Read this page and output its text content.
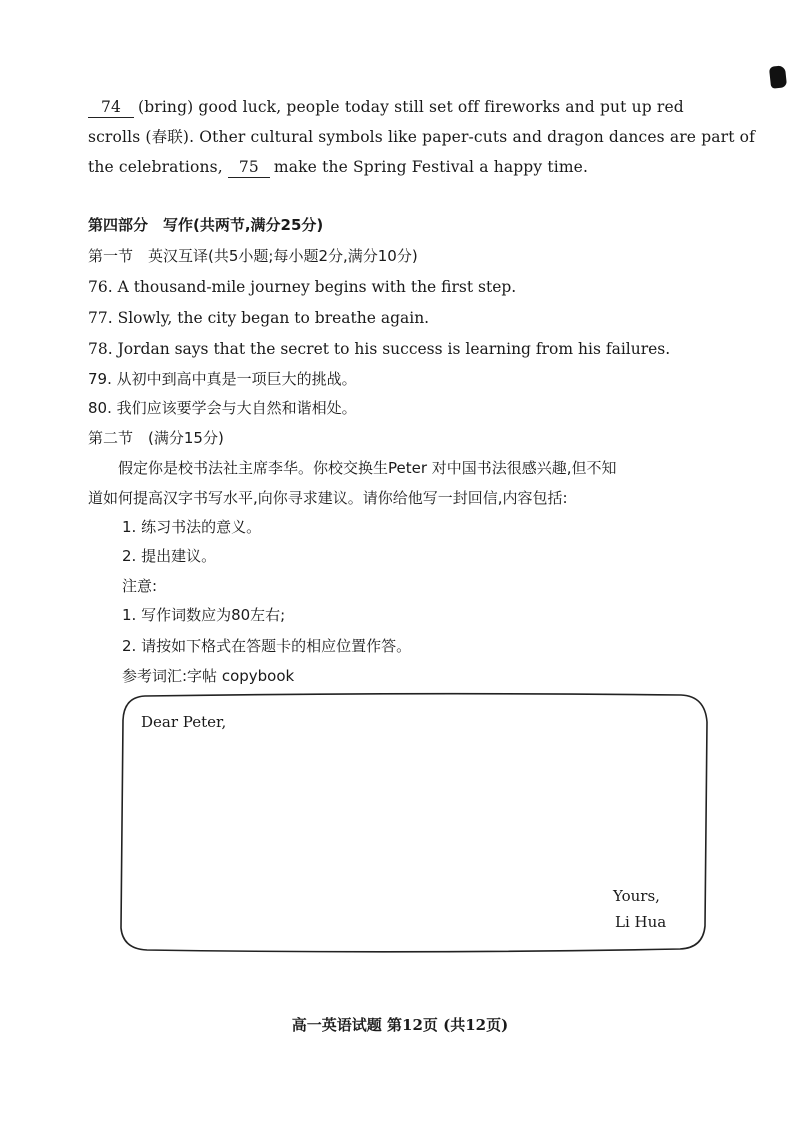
74 (bring) good luck, people today still set off fireworks and put up red
scrolls (春联). Other cultural symbols like paper-cuts and dragon dances are part of
the celebrations, 75 make the Spring Festival a happy time.
第四部分　写作(共两节,满分25分)
第一节　英汉互译(共5小题;每小题2分,满分10分)
76. A thousand-mile journey begins with the first step.
77. Slowly, the city began to breathe again.
78. Jordan says that the secret to his success is learning from his failures.
79. 从初中到高中真是一项巨大的挑战。
80. 我们应该要学会与大自然和谐相处。
第二节　(满分15分)
假定你是校书法社主席李华。你校交换生Peter 对中国书法很感兴趣,但不知
道如何提高汉字书写水平,向你寻求建议。请你给他写一封回信,内容包括:
1. 练习书法的意义。
2. 提出建议。
注意:
1. 写作词数应为80左右;
2. 请按如下格式在答题卡的相应位置作答。
参考词汇:字帖 copybook
Dear Peter,
Yours,
Li Hua
高一英语试题 第12页 (共12页)
